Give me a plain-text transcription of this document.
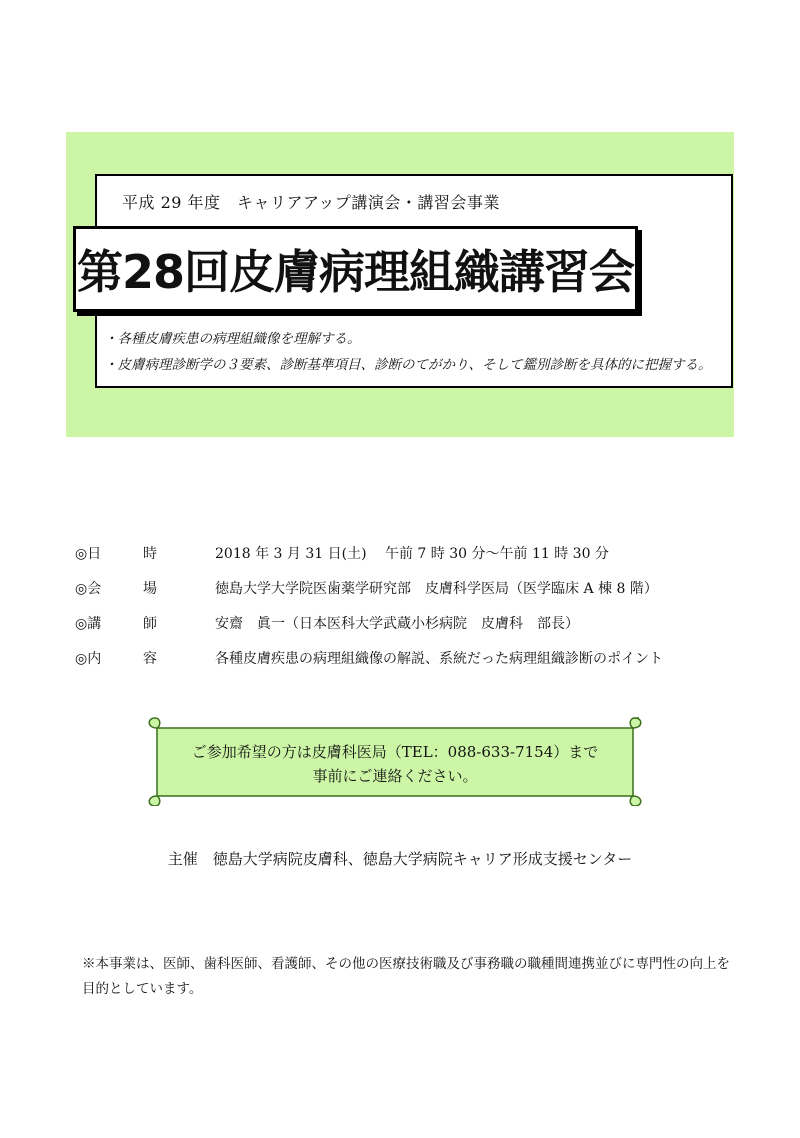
平成 29 年度　キャリアアップ講演会・講習会事業
第28回皮膚病理組織講習会
・各種皮膚疾患の病理組織像を理解する。
・皮膚病理診断学の３要素、診断基準項目、診断のてがかり、そして鑑別診断を具体的に把握する。
◎日	時	2018 年 3 月 31 日(土)　 午前 7 時 30 分～午前 11 時 30 分
◎会	場	徳島大学大学院医歯薬学研究部　皮膚科学医局（医学臨床 A 棟 8 階）
◎講	師	安齋　眞一（日本医科大学武蔵小杉病院　皮膚科　部長）
◎内	容	各種皮膚疾患の病理組織像の解説、系統だった病理組織診断のポイント
ご参加希望の方は皮膚科医局（TEL：088-633-7154）まで
事前にご連絡ください。
主催　徳島大学病院皮膚科、徳島大学病院キャリア形成支援センター
※本事業は、医師、歯科医師、看護師、その他の医療技術職及び事務職の職種間連携並びに専門性の向上を目的としています。
